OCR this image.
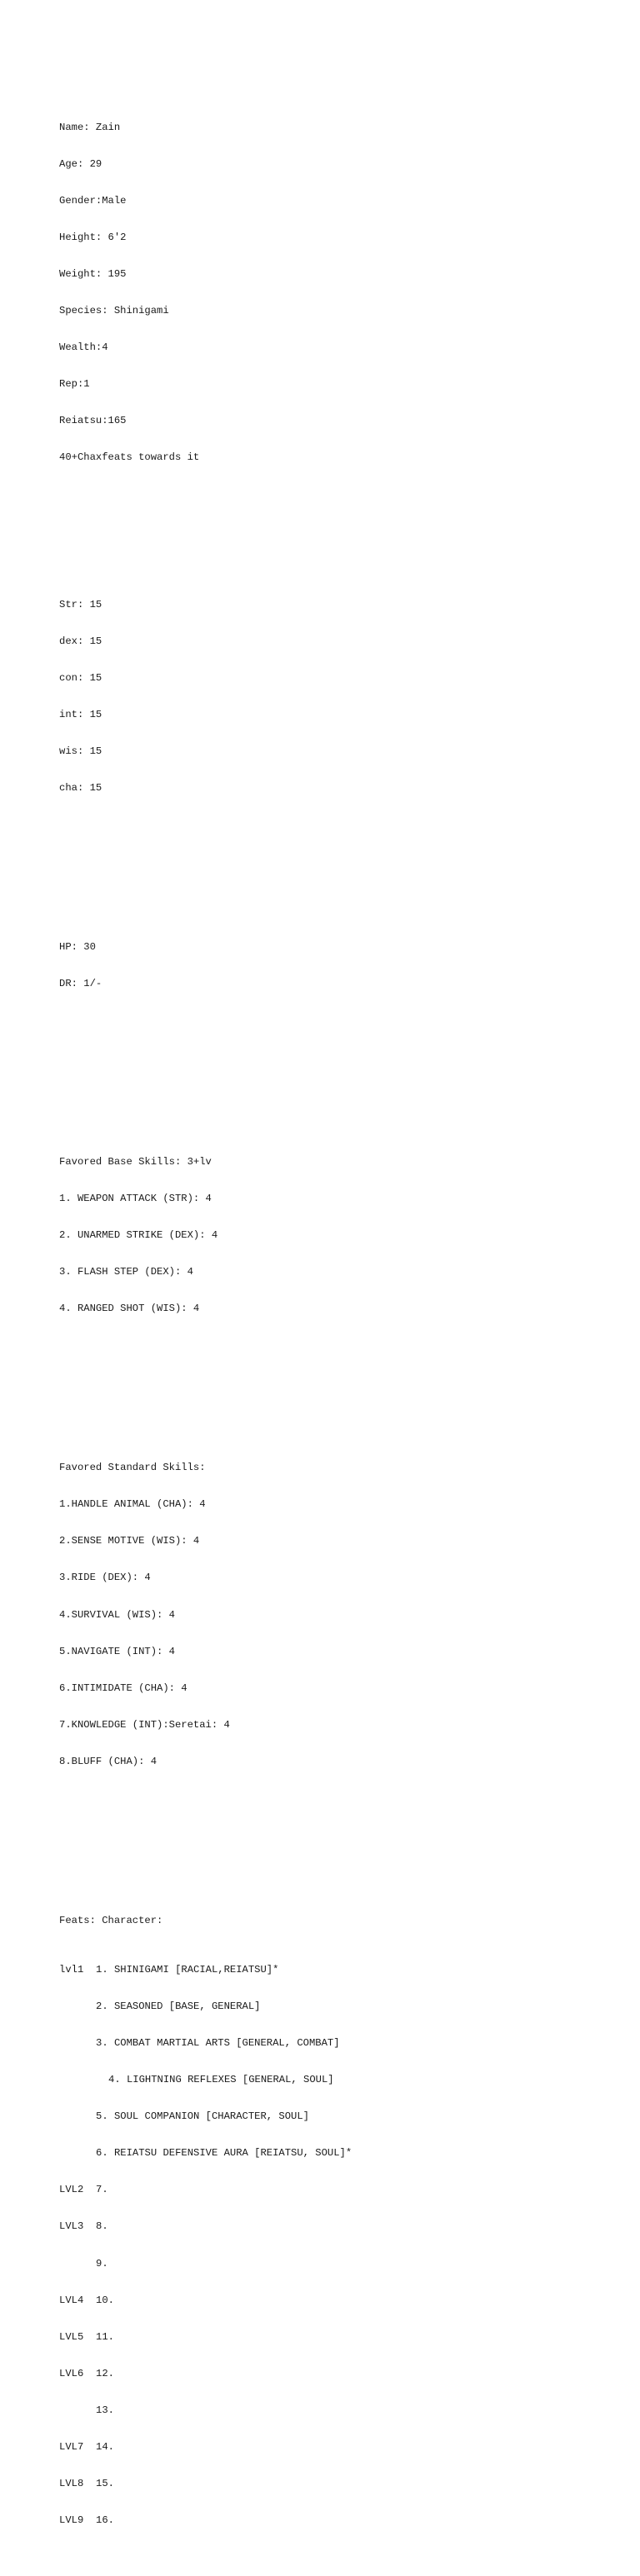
Name: Zain

Age: 29

Gender:Male

Height: 6'2

Weight: 195

Species: Shinigami

Wealth:4

Rep:1

Reiatsu:165

40+Chaxfeats towards it

Str: 15

dex: 15

con: 15

int: 15

wis: 15

cha: 15

HP: 30

DR: 1/-

Favored Base Skills: 3+lv

1. WEAPON ATTACK (STR): 4

2. UNARMED STRIKE (DEX): 4

3. FLASH STEP (DEX): 4

4. RANGED SHOT (WIS): 4

Favored Standard Skills:

1.HANDLE ANIMAL (CHA): 4

2.SENSE MOTIVE (WIS): 4

3.RIDE (DEX): 4

4.SURVIVAL (WIS): 4

5.NAVIGATE (INT): 4

6.INTIMIDATE (CHA): 4

7.KNOWLEDGE (INT):Seretai: 4

8.BLUFF (CHA): 4

Feats: Character:

lvl1 1. SHINIGAMI [RACIAL,REIATSU]*

2. SEASONED [BASE, GENERAL]

3. COMBAT MARTIAL ARTS [GENERAL, COMBAT]

4. LIGHTNING REFLEXES [GENERAL, SOUL]

5. SOUL COMPANION [CHARACTER, SOUL]

6. REIATSU DEFENSIVE AURA [REIATSU, SOUL]*

LVL2 7.

LVL3 8.

9.

LVL4 10.

LVL5 11.

LVL6 12.

13.

LVL7 14.

LVL8 15.

LVL9 16.
